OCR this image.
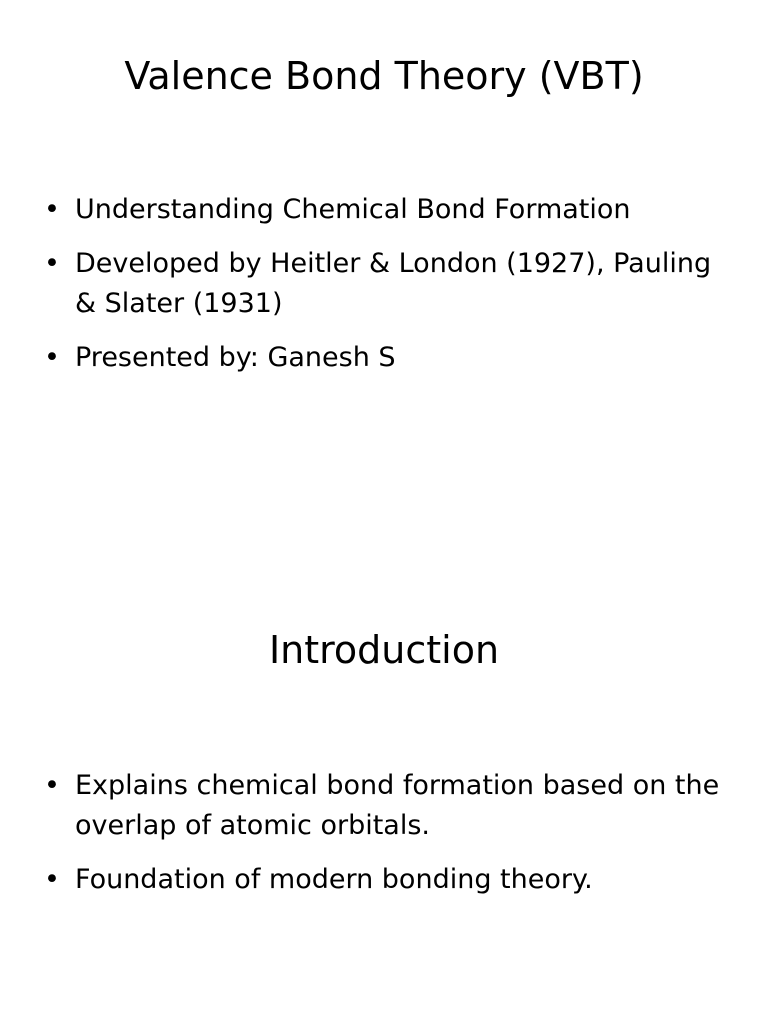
Valence Bond Theory (VBT)
• Understanding Chemical Bond Formation
• Developed by Heitler & London (1927), Pauling & Slater (1931)
• Presented by: Ganesh S
Introduction
• Explains chemical bond formation based on the overlap of atomic orbitals.
• Foundation of modern bonding theory.
